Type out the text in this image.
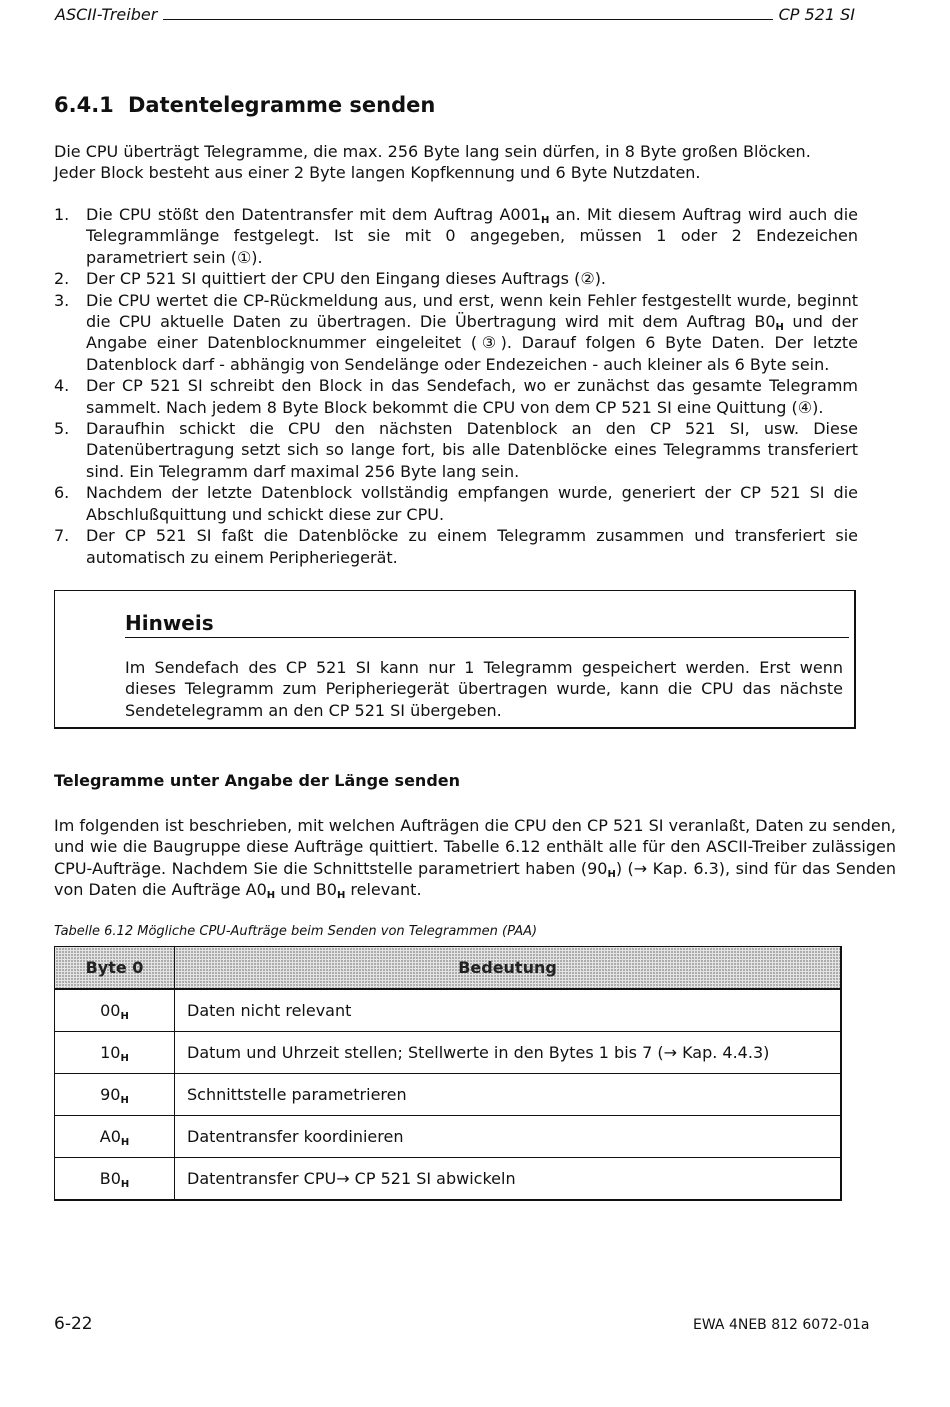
ASCII-Treiber	CP 521 SI
6.4.1 Datentelegramme senden

Die CPU überträgt Telegramme, die max. 256 Byte lang sein dürfen, in 8 Byte großen Blöcken.

Jeder Block besteht aus einer 2 Byte langen Kopfkennung und 6 Byte Nutzdaten.

1. Die CPU stößt den Datentransfer mit dem Auftrag $A001_H$ an. Mit diesem Auftrag wird auch die Telegrammlänge festgelegt. Ist sie mit 0 angegeben, müssen 1 oder 2 Endezeichen parametriert sein (①).
2. Der CP 521 SI quittiert der CPU den Eingang dieses Auftrags (②).
3. Die CPU wertet die CP-Rückmeldung aus, und erst, wenn kein Fehler festgestellt wurde, beginnt die CPU aktuelle Daten zu übertragen. Die Übertragung wird mit dem Auftrag $B0_H$ und der Angabe einer Datenblocknummer eingeleitet (③). Darauf folgen 6 Byte Daten. Der letzte Datenblock darf - abhängig von Sendelänge oder Endezeichen - auch kleiner als 6 Byte sein.
4. Der CP 521 SI schreibt den Block in das Sendefach, wo er zunächst das gesamte Telegramm sammelt. Nach jedem 8 Byte Block bekommt die CPU von dem CP 521 SI eine Quittung (④).
5. Daraufhin schickt die CPU den nächsten Datenblock an den CP 521 SI, usw. Diese Datenübertragung setzt sich so lange fort, bis alle Datenblöcke eines Telegramms transferiert sind. Ein Telegramm darf maximal 256 Byte lang sein.
6. Nachdem der letzte Datenblock vollständig empfangen wurde, generiert der CP 521 SI die Abschlußquittung und schickt diese zur CPU.
7. Der CP 521 SI faßt die Datenblöcke zu einem Telegramm zusammen und transferiert sie automatisch zu einem Peripheriegerät.
Hinweis
Im Sendefach des CP 521 SI kann nur 1 Telegramm gespeichert werden. Erst wenn dieses Telegramm zum Peripheriegerät übertragen wurde, kann die CPU das nächste Sendetelegramm an den CP 521 SI übergeben.
Telegramme unter Angabe der Länge senden

Im folgenden ist beschrieben, mit welchen Aufträgen die CPU den CP 521 SI veranlaßt, Daten zu senden, und wie die Baugruppe diese Aufträge quittiert. Tabelle 6.12 enthält alle für den ASCII-Treiber zulässigen CPU-Aufträge. Nachdem Sie die Schnittstelle parametriert haben $(90_H)$ (→ Kap. 6.3), sind für das Senden von Daten die Aufträge $A0_H$ und $B0_H$ relevant.

Tabelle 6.12 Mögliche CPU-Aufträge beim Senden von Telegrammen (PAA)
Byte 0	Bedeutung
$00_H$	Daten nicht relevant
$10_H$	Datum und Uhrzeit stellen; Stellwerte in den Bytes 1 bis 7 (→ Kap. 4.4.3)
$90_H$	Schnittstelle parametrieren
$A0_H$	Datentransfer koordinieren
$B0_H$	Datentransfer CPU→ CP 521 SI abwickeln
6-22	EWA 4NEB 812 6072-01a
